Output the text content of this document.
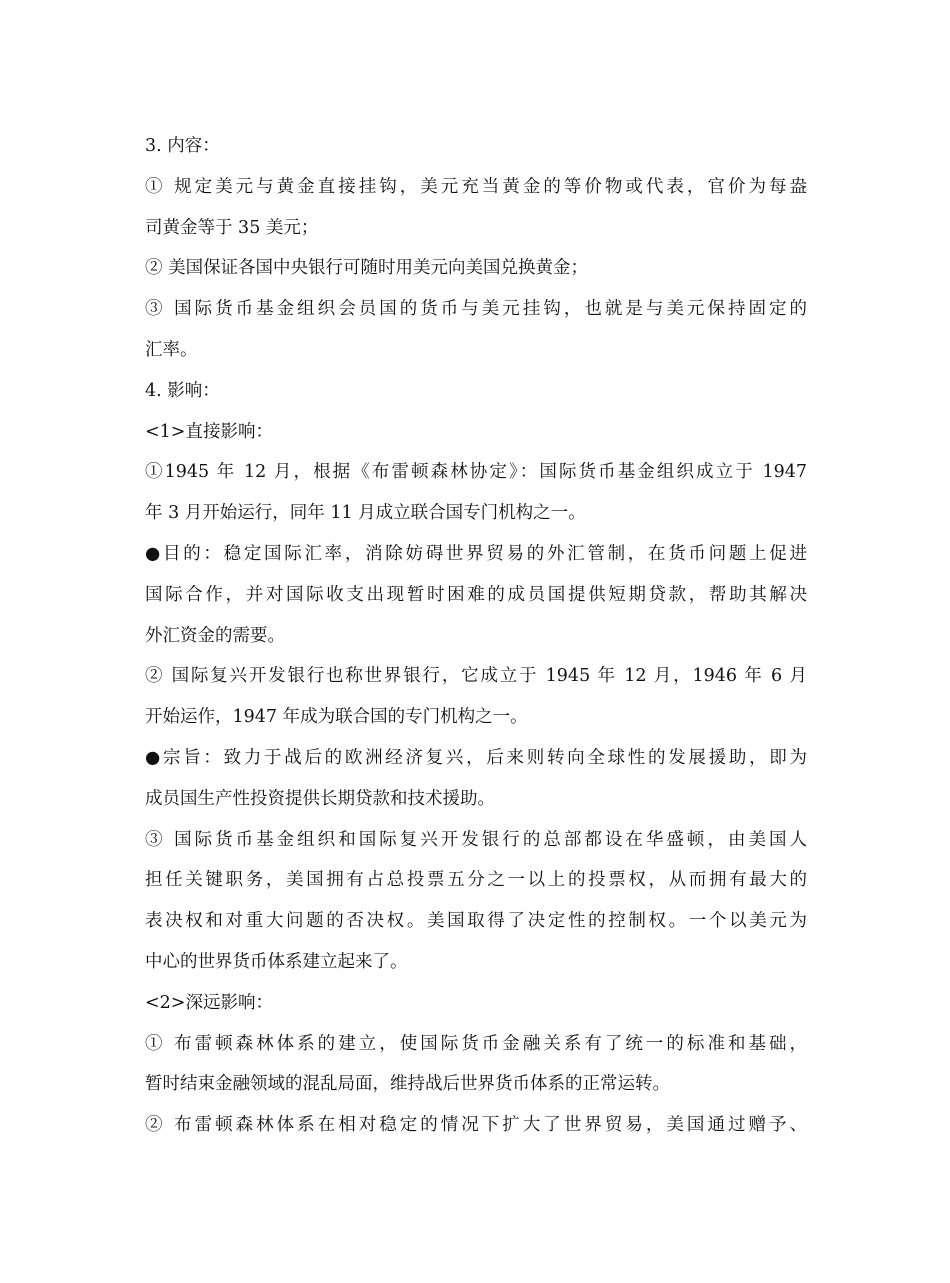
3. 内容：
① 规定美元与黄金直接挂钩，美元充当黄金的等价物或代表，官价为每盎
司黄金等于 35 美元；
② 美国保证各国中央银行可随时用美元向美国兑换黄金；
③ 国际货币基金组织会员国的货币与美元挂钩，也就是与美元保持固定的
汇率。
4. 影响：
<1>直接影响：
①1945 年 12 月，根据《布雷顿森林协定》：国际货币基金组织成立于 1947
年 3 月开始运行，同年 11 月成立联合国专门机构之一。
●目的：稳定国际汇率，消除妨碍世界贸易的外汇管制，在货币问题上促进
国际合作，并对国际收支出现暂时困难的成员国提供短期贷款，帮助其解决
外汇资金的需要。
② 国际复兴开发银行也称世界银行，它成立于 1945 年 12 月，1946 年 6 月
开始运作，1947 年成为联合国的专门机构之一。
●宗旨：致力于战后的欧洲经济复兴，后来则转向全球性的发展援助，即为
成员国生产性投资提供长期贷款和技术援助。
③ 国际货币基金组织和国际复兴开发银行的总部都设在华盛顿，由美国人
担任关键职务，美国拥有占总投票五分之一以上的投票权，从而拥有最大的
表决权和对重大问题的否决权。美国取得了决定性的控制权。一个以美元为
中心的世界货币体系建立起来了。
<2>深远影响：
① 布雷顿森林体系的建立，使国际货币金融关系有了统一的标准和基础，
暂时结束金融领域的混乱局面，维持战后世界货币体系的正常运转。
② 布雷顿森林体系在相对稳定的情况下扩大了世界贸易，美国通过赠予、
